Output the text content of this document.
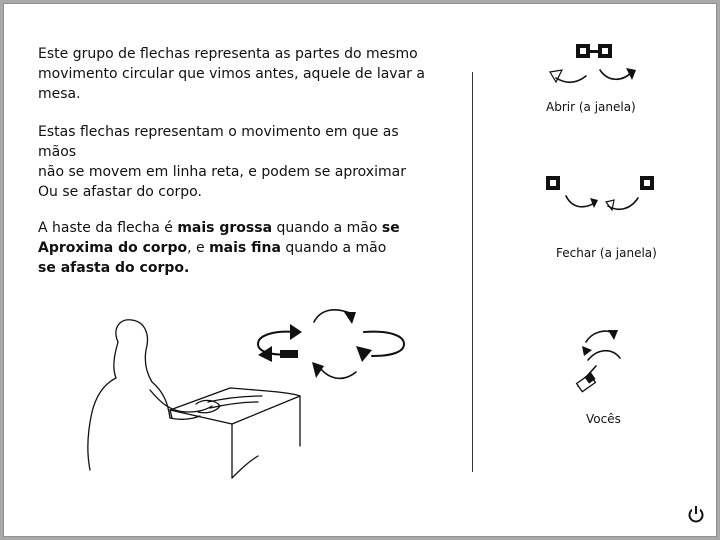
Este grupo de flechas representa as partes do mesmo
movimento circular que vimos antes, aquele de lavar a
mesa.

Estas flechas representam o movimento em que as
mãos
não se movem em linha reta, e podem se aproximar
Ou se afastar do corpo.

A haste da flecha é mais grossa quando a mão se
Aproxima do corpo, e mais fina quando a mão
se afasta do corpo.

Abrir (a janela)
Fechar (a janela)
Vocês
